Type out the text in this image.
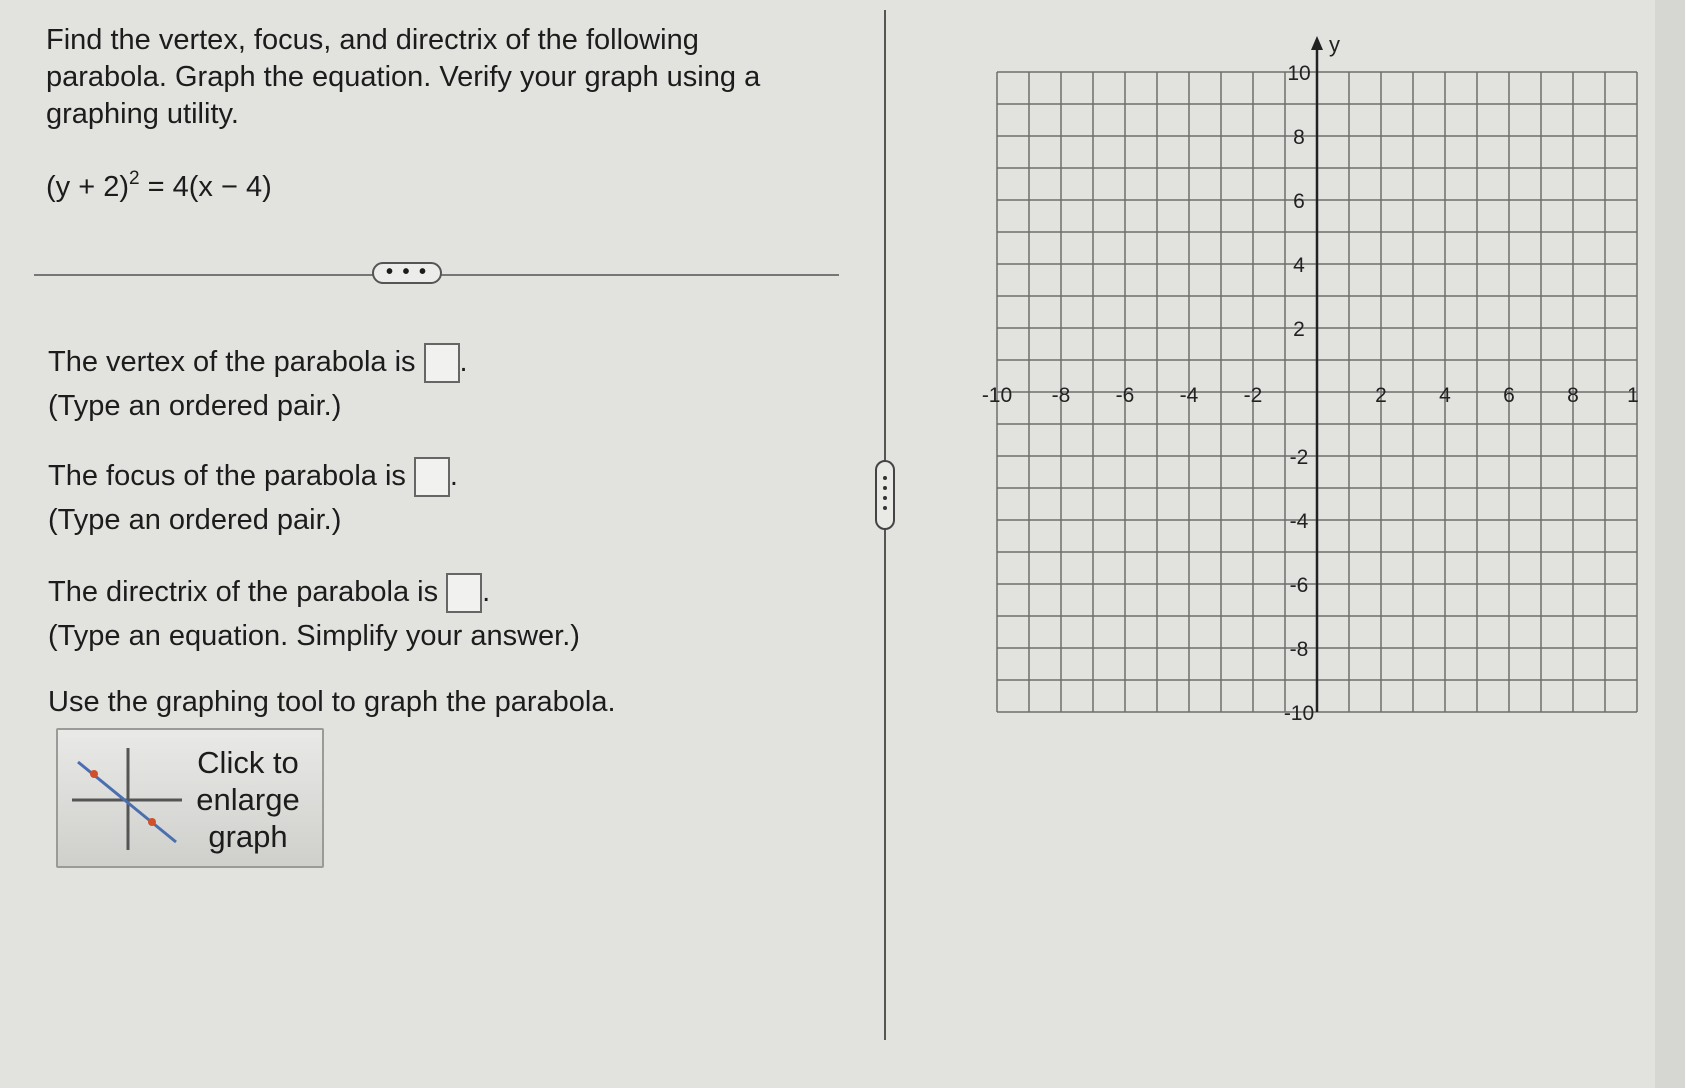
Find the vertex, focus, and directrix of the following parabola. Graph the equation. Verify your graph using a graphing utility.
$(y + 2)^2 = 4(x - 4)$
• • •
The vertex of the parabola is .
(Type an ordered pair.)
The focus of the parabola is .
(Type an ordered pair.)
The directrix of the parabola is .
(Type an equation. Simplify your answer.)
Use the graphing tool to graph the parabola.
Click to
enlarge
graph
y
-10 -8 -6 -4 -2	2 4 6 8 1
10
8
6
4
2
-2
-4
-6
-8
-10
